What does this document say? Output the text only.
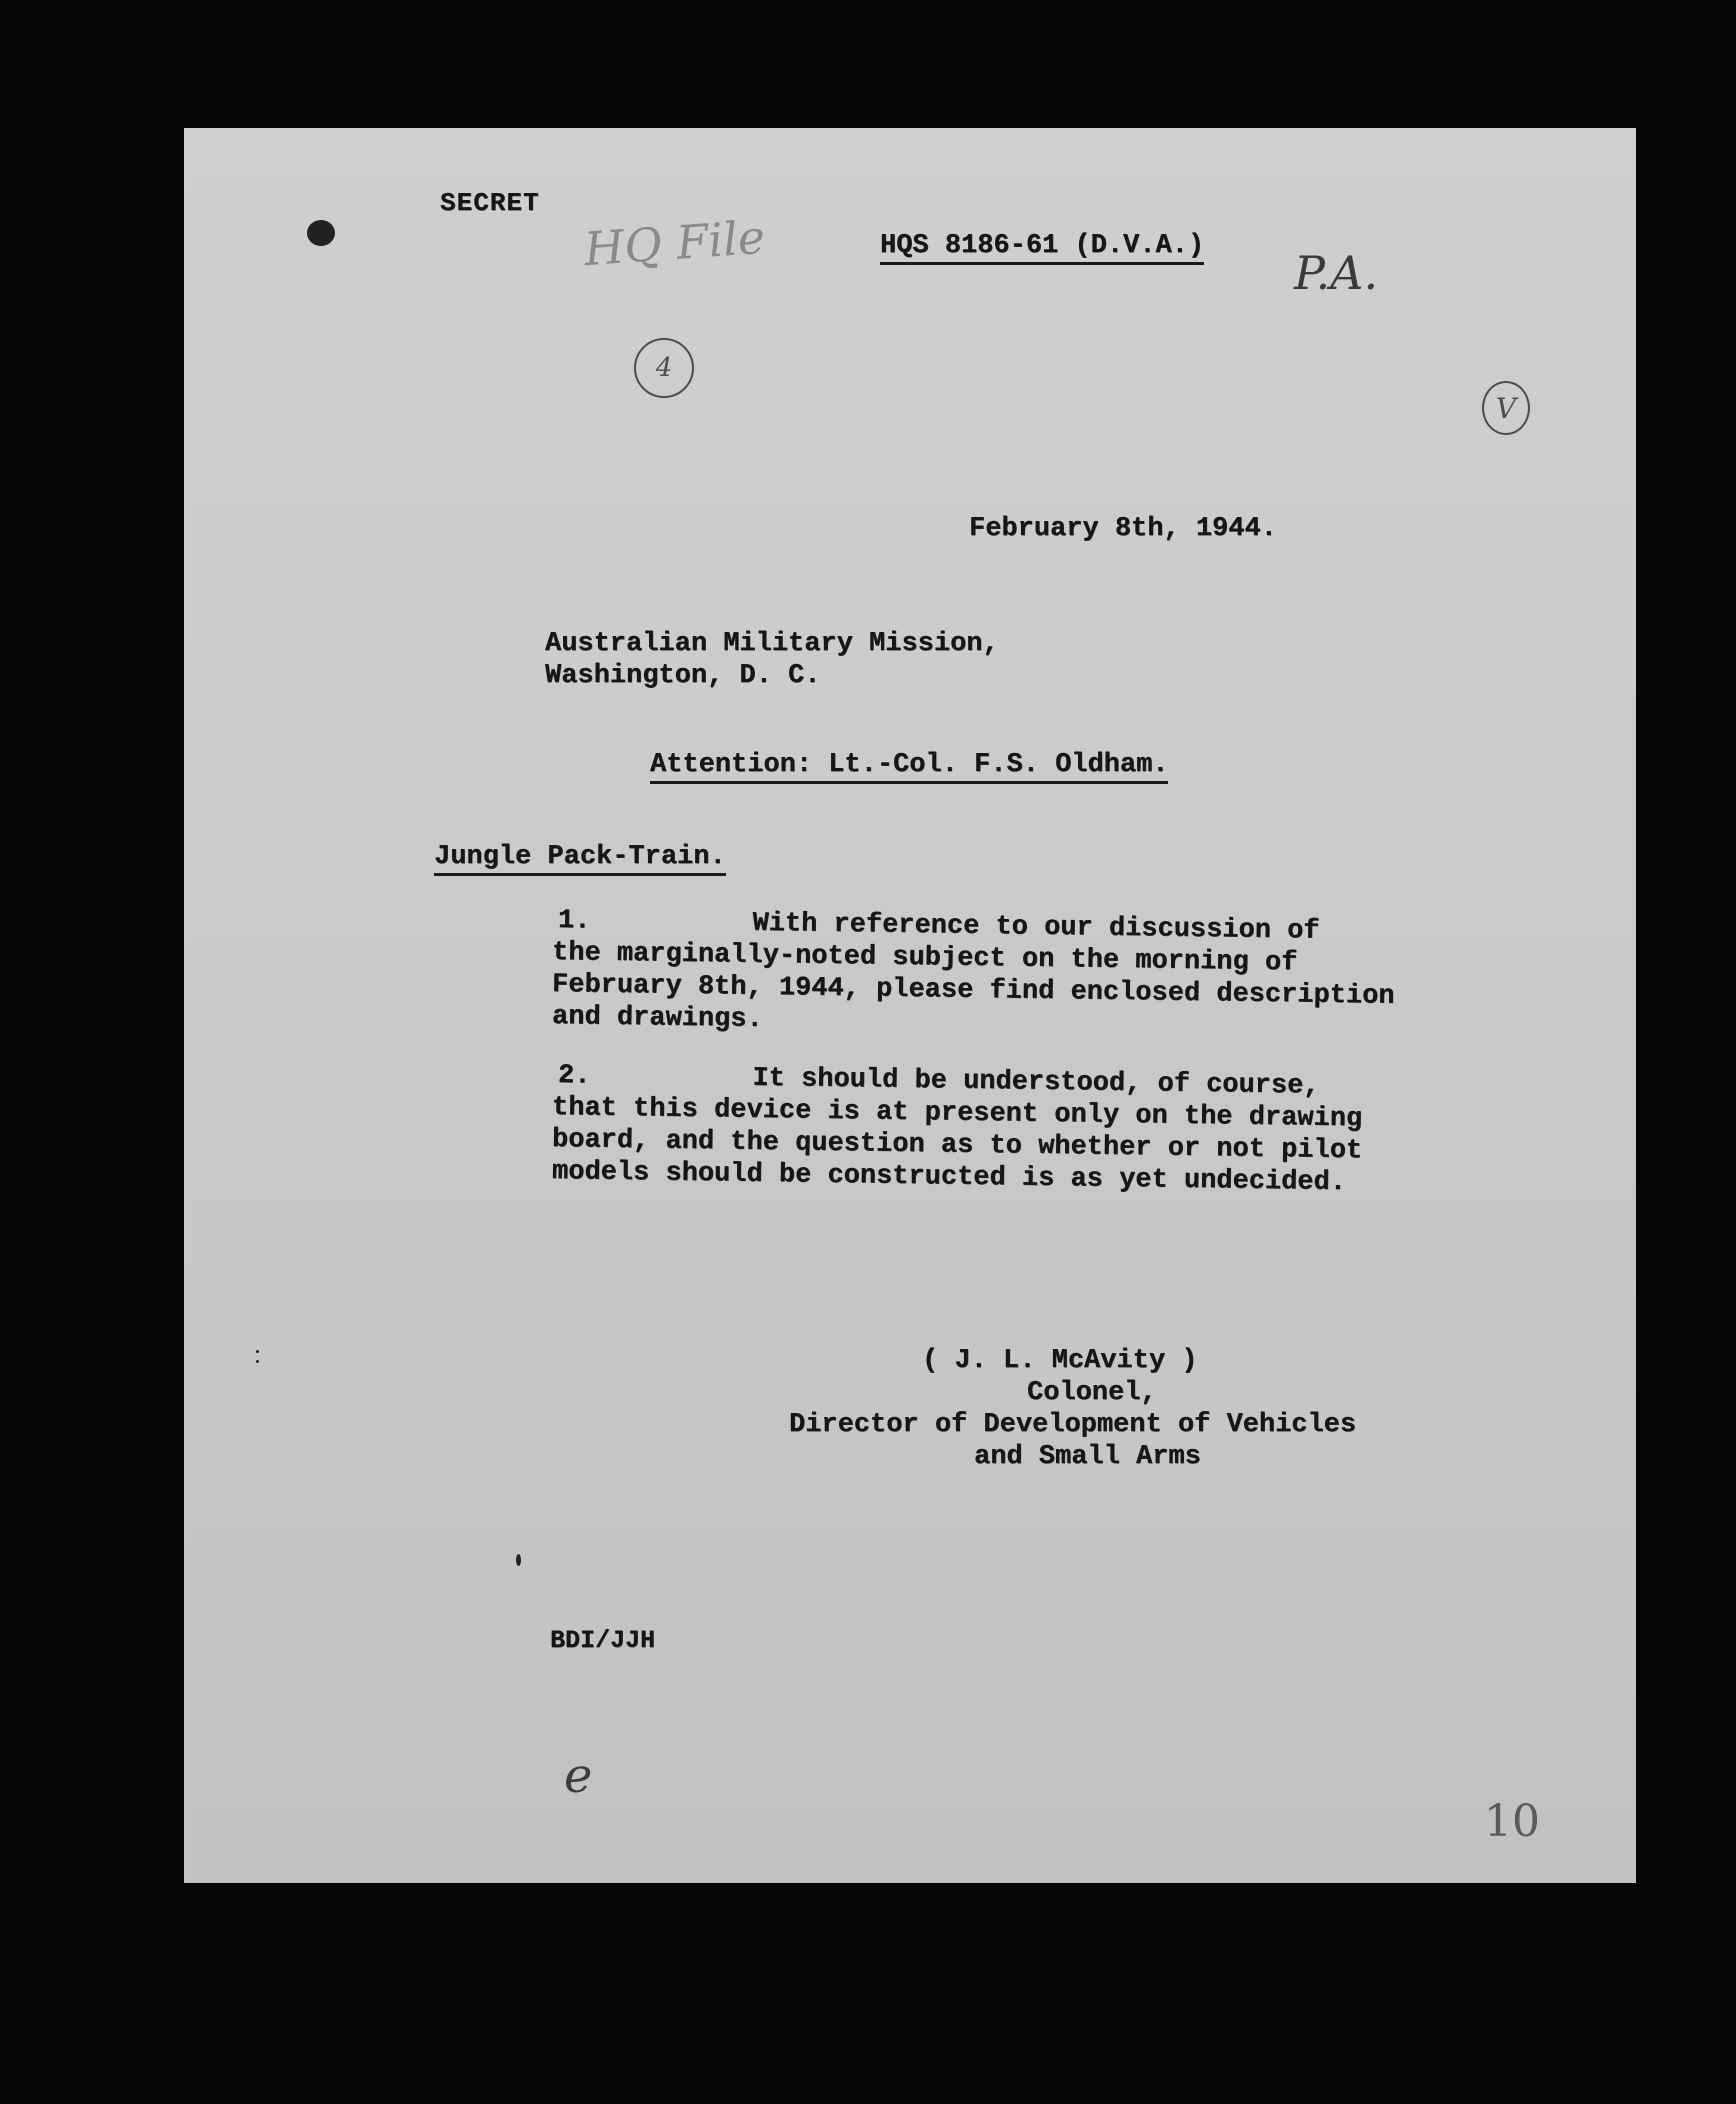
SECRET
HQ File	HQS 8186-61 (D.V.A.) P.A.
4
V
February 8th, 1944.
Australian Military Mission,
Washington, D. C.
Attention: Lt.-Col. F.S. Oldham.
Jungle Pack-Train.
1.          With reference to our discussion of
the marginally-noted subject on the morning of
February 8th, 1944, please find enclosed description
and drawings.
2.          It should be understood, of course,
that this device is at present only on the drawing
board, and the question as to whether or not pilot
models should be constructed is as yet undecided.
( J. L. McAvity )
Colonel,
Director of Development of Vehicles
and Small Arms
BDI/JJH
e
10
